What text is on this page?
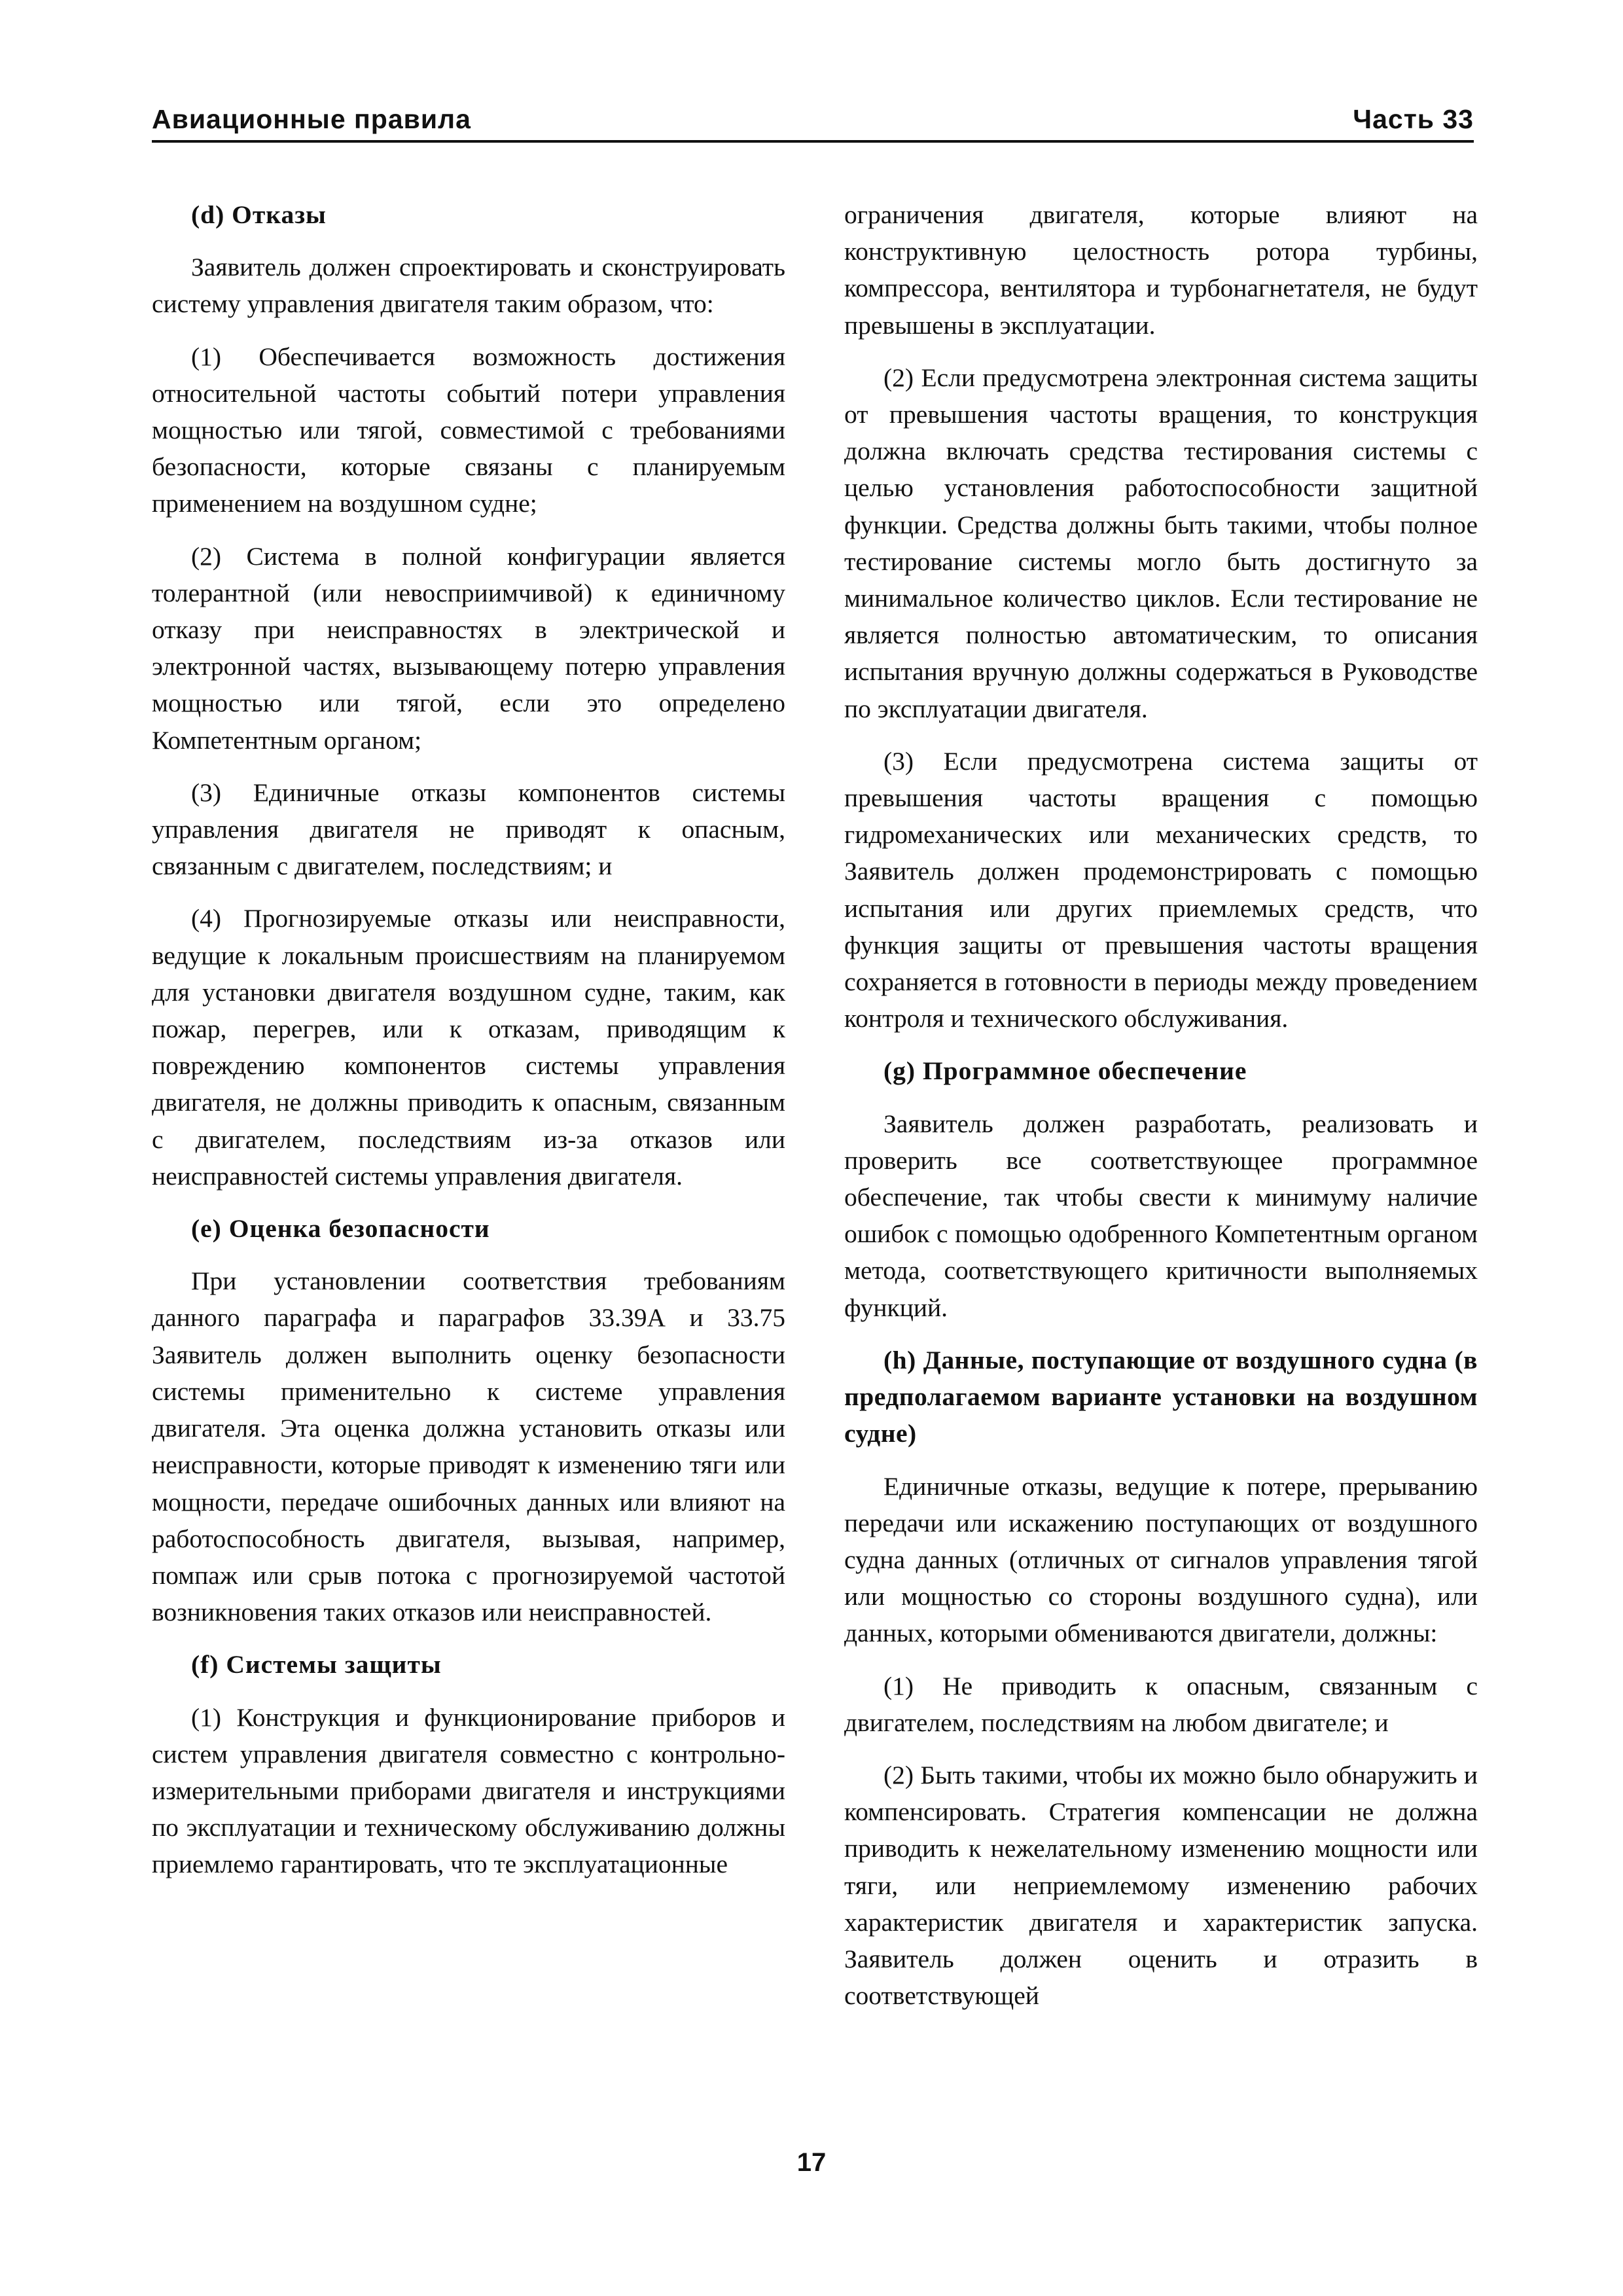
Авиационные правила	Часть 33
(d) Отказы

Заявитель должен спроектировать и сконструировать систему управления двигателя таким образом, что:

(1) Обеспечивается возможность достижения относительной частоты событий потери управления мощностью или тягой, совместимой с требованиями безопасности, которые связаны с планируемым применением на воздушном судне;

(2) Система в полной конфигурации является толерантной (или невосприимчивой) к единичному отказу при неисправностях в электрической и электронной частях, вызывающему потерю управления мощностью или тягой, если это определено Компетентным органом;

(3) Единичные отказы компонентов системы управления двигателя не приводят к опасным, связанным с двигателем, последствиям; и

(4) Прогнозируемые отказы или неисправности, ведущие к локальным происшествиям на планируемом для установки двигателя воздушном судне, таким, как пожар, перегрев, или к отказам, приводящим к повреждению компонентов системы управления двигателя, не должны приводить к опасным, связанным с двигателем, последствиям из-за отказов или неисправностей системы управления двигателя.

(e) Оценка безопасности

При установлении соответствия требованиям данного параграфа и параграфов 33.39А и 33.75 Заявитель должен выполнить оценку безопасности системы применительно к системе управления двигателя. Эта оценка должна установить отказы или неисправности, которые приводят к изменению тяги или мощности, передаче ошибочных данных или влияют на работоспособность двигателя, вызывая, например, помпаж или срыв потока с прогнозируемой частотой возникновения таких отказов или неисправностей.

(f) Системы защиты

(1) Конструкция и функционирование приборов и систем управления двигателя совместно с контрольно-измерительными приборами двигателя и инструкциями по эксплуатации и техническому обслуживанию должны приемлемо гарантировать, что те эксплуатационные

ограничения двигателя, которые влияют на конструктивную целостность ротора турбины, компрессора, вентилятора и турбонагнетателя, не будут превышены в эксплуатации.

(2) Если предусмотрена электронная система защиты от превышения частоты вращения, то конструкция должна включать средства тестирования системы с целью установления работоспособности защитной функции. Средства должны быть такими, чтобы полное тестирование системы могло быть достигнуто за минимальное количество циклов. Если тестирование не является полностью автоматическим, то описания испытания вручную должны содержаться в Руководстве по эксплуатации двигателя.

(3) Если предусмотрена система защиты от превышения частоты вращения с помощью гидромеханических или механических средств, то Заявитель должен продемонстрировать с помощью испытания или других приемлемых средств, что функция защиты от превышения частоты вращения сохраняется в готовности в периоды между проведением контроля и технического обслуживания.

(g) Программное обеспечение

Заявитель должен разработать, реализовать и проверить все соответствующее программное обеспечение, так чтобы свести к минимуму наличие ошибок с помощью одобренного Компетентным органом метода, соответствующего критичности выполняемых функций.

(h) Данные, поступающие от воздушного судна (в предполагаемом варианте установки на воздушном судне)

Единичные отказы, ведущие к потере, прерыванию передачи или искажению поступающих от воздушного судна данных (отличных от сигналов управления тягой или мощностью со стороны воздушного судна), или данных, которыми обмениваются двигатели, должны:

(1) Не приводить к опасным, связанным с двигателем, последствиям на любом двигателе; и

(2) Быть такими, чтобы их можно было обнаружить и компенсировать. Стратегия компенсации не должна приводить к нежелательному изменению мощности или тяги, или неприемлемому изменению рабочих характеристик двигателя и характеристик запуска. Заявитель должен оценить и отразить в соответствующей

17
